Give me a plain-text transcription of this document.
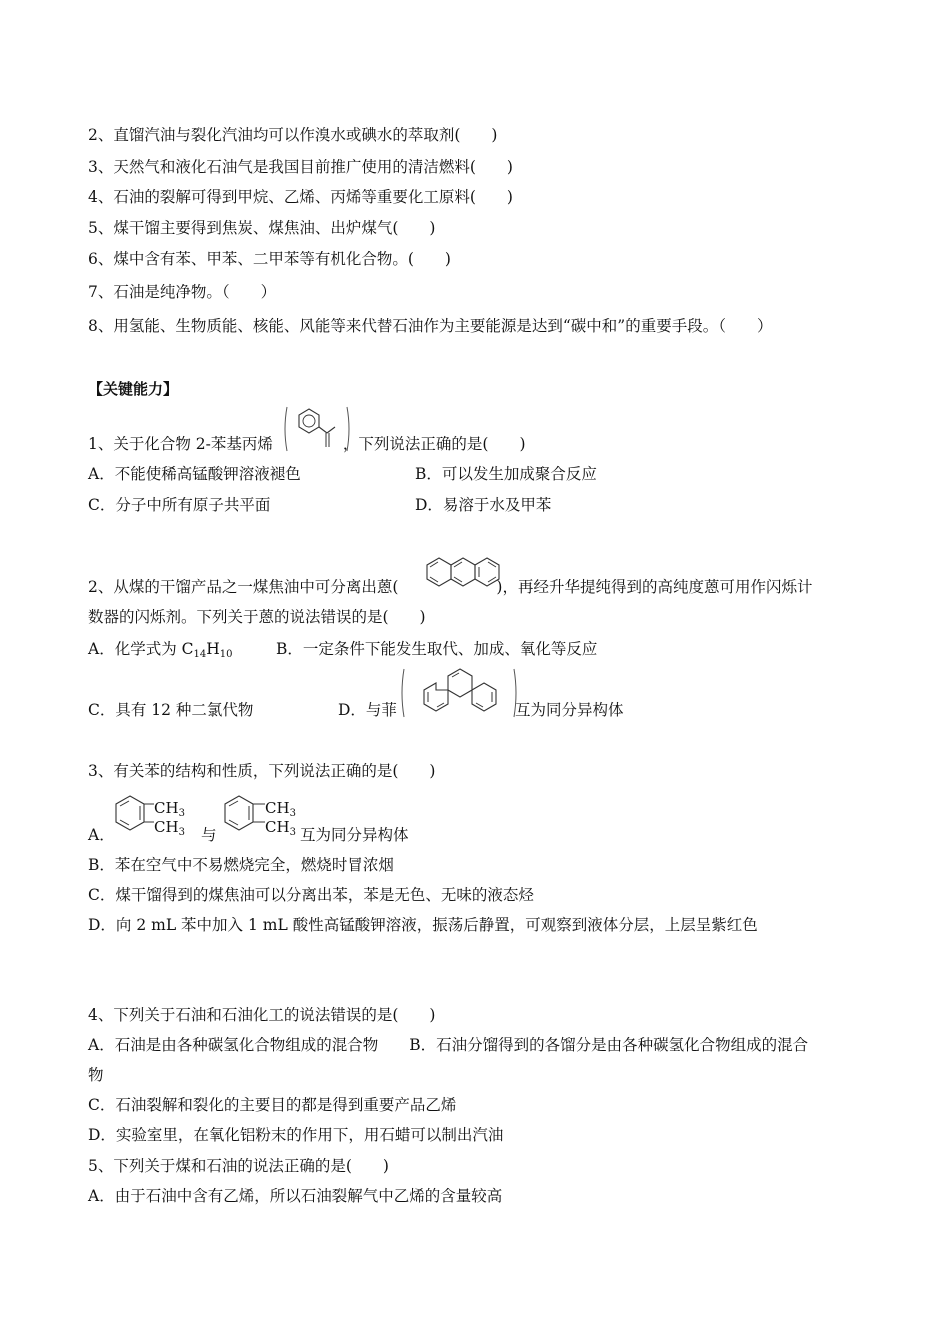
2、直馏汽油与裂化汽油均可以作溴水或碘水的萃取剂(　　)
3、天然气和液化石油气是我国目前推广使用的清洁燃料(　　)
4、石油的裂解可得到甲烷、乙烯、丙烯等重要化工原料(　　)
5、煤干馏主要得到焦炭、煤焦油、出炉煤气(　　)
6、煤中含有苯、甲苯、二甲苯等有机化合物。(　　)
7、石油是纯净物。（　　）
8、用氢能、生物质能、核能、风能等来代替石油作为主要能源是达到“碳中和”的重要手段。（　　）
【关键能力】
1、关于化合物 2-苯基丙烯	，下列说法正确的是(　　)
A．不能使稀高锰酸钾溶液褪色	B．可以发生加成聚合反应
C．分子中所有原子共平面	D．易溶于水及甲苯
2、从煤的干馏产品之一煤焦油中可分离出蒽(	)，再经升华提纯得到的高纯度蒽可用作闪烁计
数器的闪烁剂。下列关于蒽的说法错误的是(　　)
A．化学式为 $C_{14}H_{10}$	B．一定条件下能发生取代、加成、氧化等反应
C．具有 12 种二氯代物	D．与菲	互为同分异构体
3、有关苯的结构和性质，下列说法正确的是(　　)
A．
$CH_3$
$CH_3$ 与
$CH_3$
$CH_3$ 互为同分异构体
B．苯在空气中不易燃烧完全，燃烧时冒浓烟
C．煤干馏得到的煤焦油可以分离出苯，苯是无色、无味的液态烃
D．向 2 mL 苯中加入 1 mL 酸性高锰酸钾溶液，振荡后静置，可观察到液体分层，上层呈紫红色
4、下列关于石油和石油化工的说法错误的是(　　)
A．石油是由各种碳氢化合物组成的混合物　　B．石油分馏得到的各馏分是由各种碳氢化合物组成的混合
物
C．石油裂解和裂化的主要目的都是得到重要产品乙烯
D．实验室里，在氧化铝粉末的作用下，用石蜡可以制出汽油
5、下列关于煤和石油的说法正确的是(　　)
A．由于石油中含有乙烯，所以石油裂解气中乙烯的含量较高
